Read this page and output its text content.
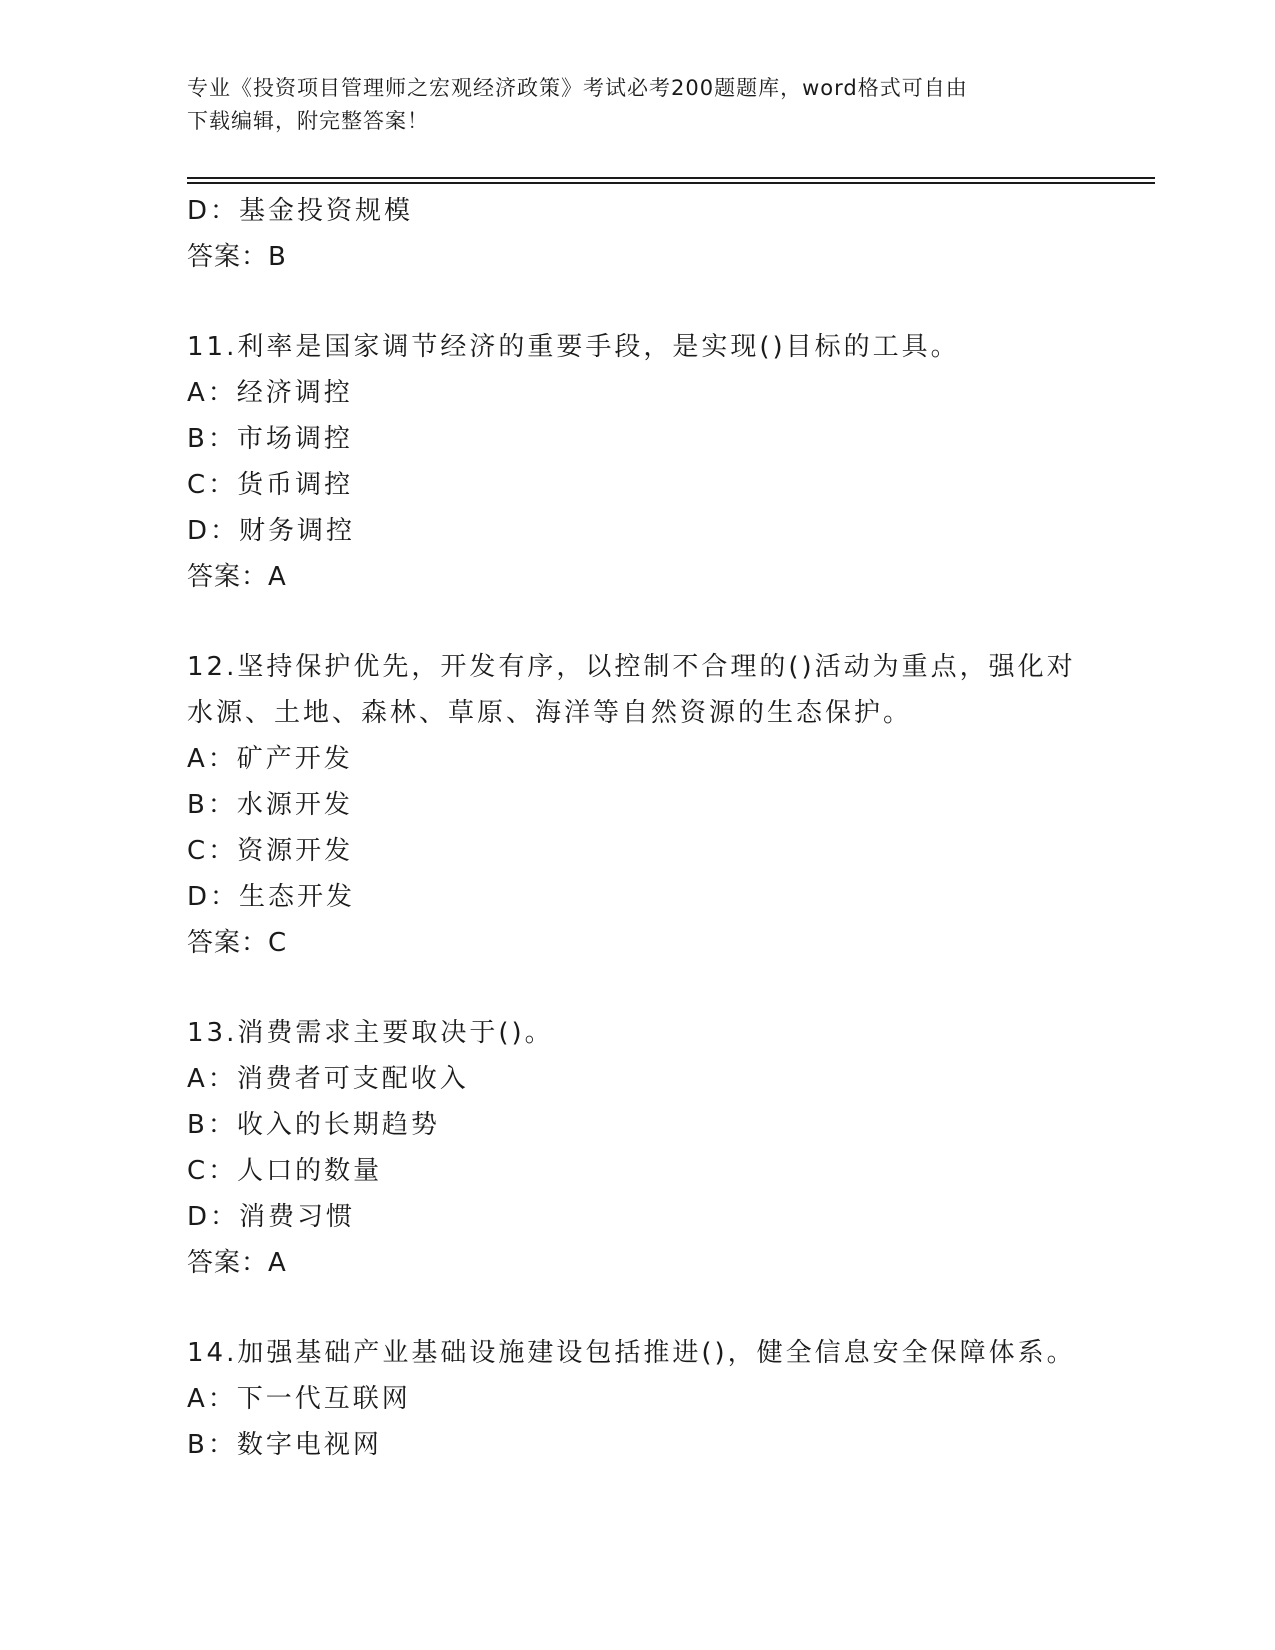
专业《投资项目管理师之宏观经济政策》考试必考200题题库，word格式可自由
下载编辑，附完整答案！
D：基金投资规模
答案：B
11.利率是国家调节经济的重要手段，是实现()目标的工具。
A：经济调控
B：市场调控
C：货币调控
D：财务调控
答案：A
12.坚持保护优先，开发有序，以控制不合理的()活动为重点，强化对
水源、土地、森林、草原、海洋等自然资源的生态保护。
A：矿产开发
B：水源开发
C：资源开发
D：生态开发
答案：C
13.消费需求主要取决于()。
A：消费者可支配收入
B：收入的长期趋势
C：人口的数量
D：消费习惯
答案：A
14.加强基础产业基础设施建设包括推进()，健全信息安全保障体系。
A：下一代互联网
B：数字电视网
